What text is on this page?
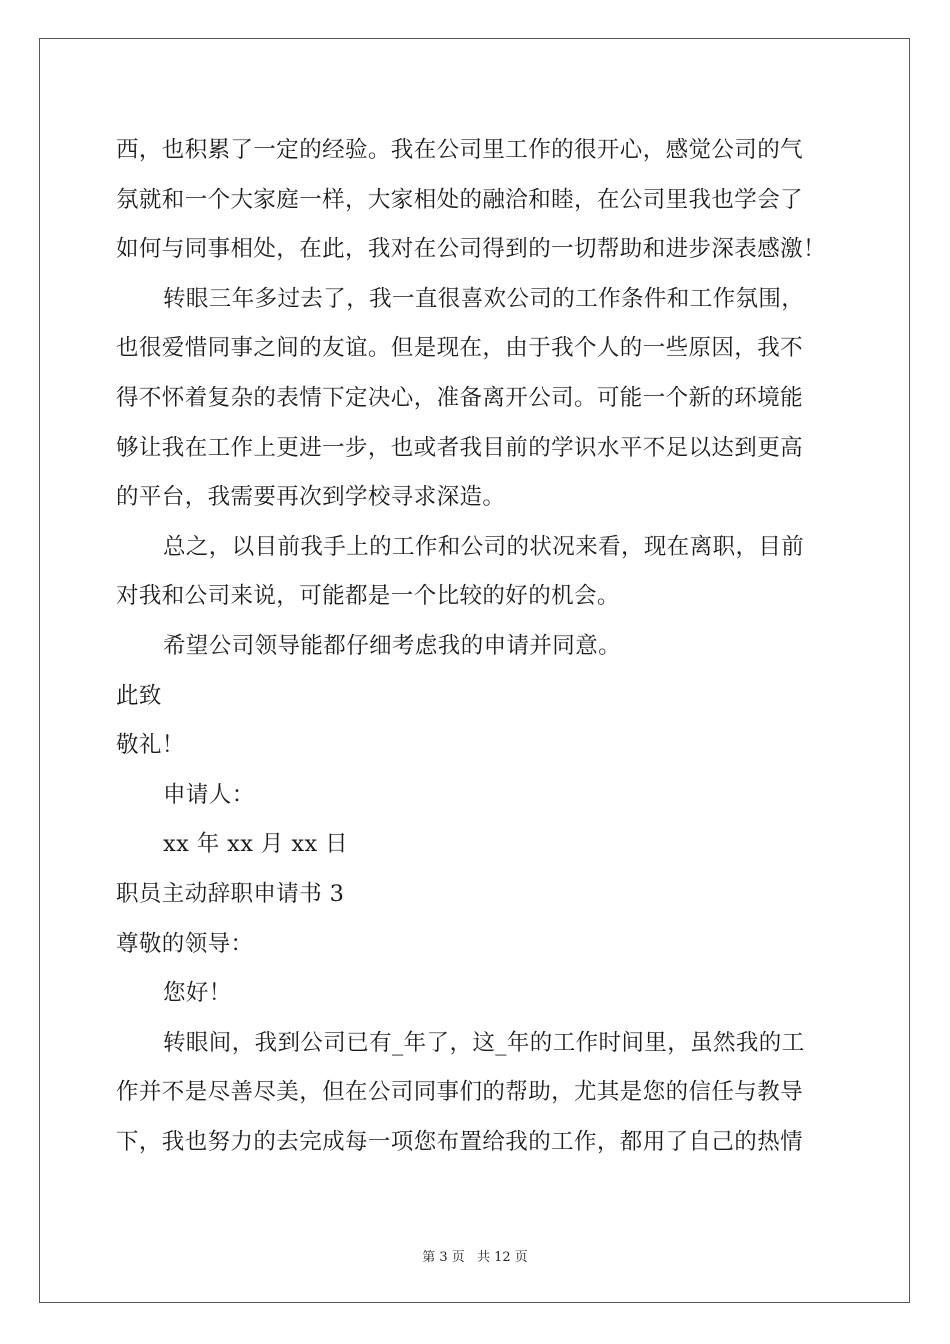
西，也积累了一定的经验。我在公司里工作的很开心，感觉公司的气
氛就和一个大家庭一样，大家相处的融洽和睦，在公司里我也学会了
如何与同事相处，在此，我对在公司得到的一切帮助和进步深表感激！
转眼三年多过去了，我一直很喜欢公司的工作条件和工作氛围，
也很爱惜同事之间的友谊。但是现在，由于我个人的一些原因，我不
得不怀着复杂的表情下定决心，准备离开公司。可能一个新的环境能
够让我在工作上更进一步，也或者我目前的学识水平不足以达到更高
的平台，我需要再次到学校寻求深造。
总之，以目前我手上的工作和公司的状况来看，现在离职，目前
对我和公司来说，可能都是一个比较的好的机会。
希望公司领导能都仔细考虑我的申请并同意。
此致
敬礼！
申请人：
xx 年 xx 月 xx 日
职员主动辞职申请书 3
尊敬的领导：
您好！
转眼间，我到公司已有_年了，这_年的工作时间里，虽然我的工
作并不是尽善尽美，但在公司同事们的帮助，尤其是您的信任与教导
下，我也努力的去完成每一项您布置给我的工作，都用了自己的热情
第 3 页 共 12 页
